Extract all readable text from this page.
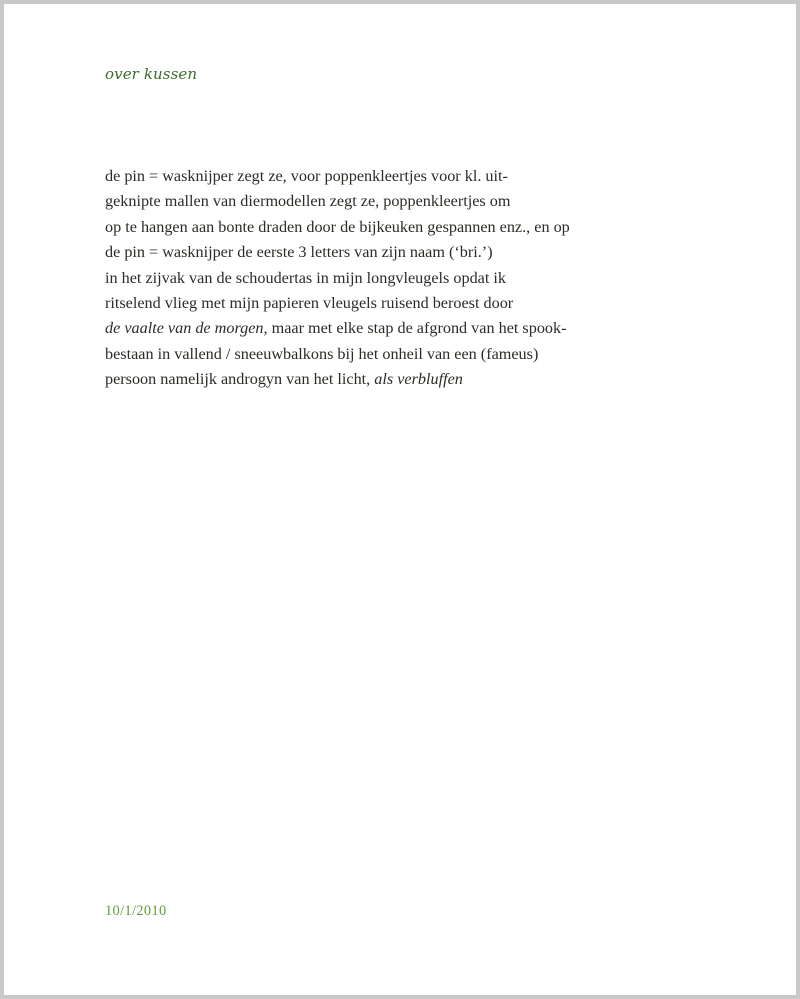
over kussen

de pin = wasknijper zegt ze, voor poppenkleertjes voor kl. uit-
geknipte mallen van diermodellen zegt ze, poppenkleertjes om
op te hangen aan bonte draden door de bijkeuken gespannen enz., en op
de pin = wasknijper de eerste 3 letters van zijn naam (‘bri.’)
in het zijvak van de schoudertas in mijn longvleugels opdat ik
ritselend vlieg met mijn papieren vleugels ruisend beroest door
de vaalte van de morgen, maar met elke stap de afgrond van het spook-
bestaan in vallend / sneeuwbalkons bij het onheil van een (fameus)
persoon namelijk androgyn van het licht, als verbluffen

10/1/2010
